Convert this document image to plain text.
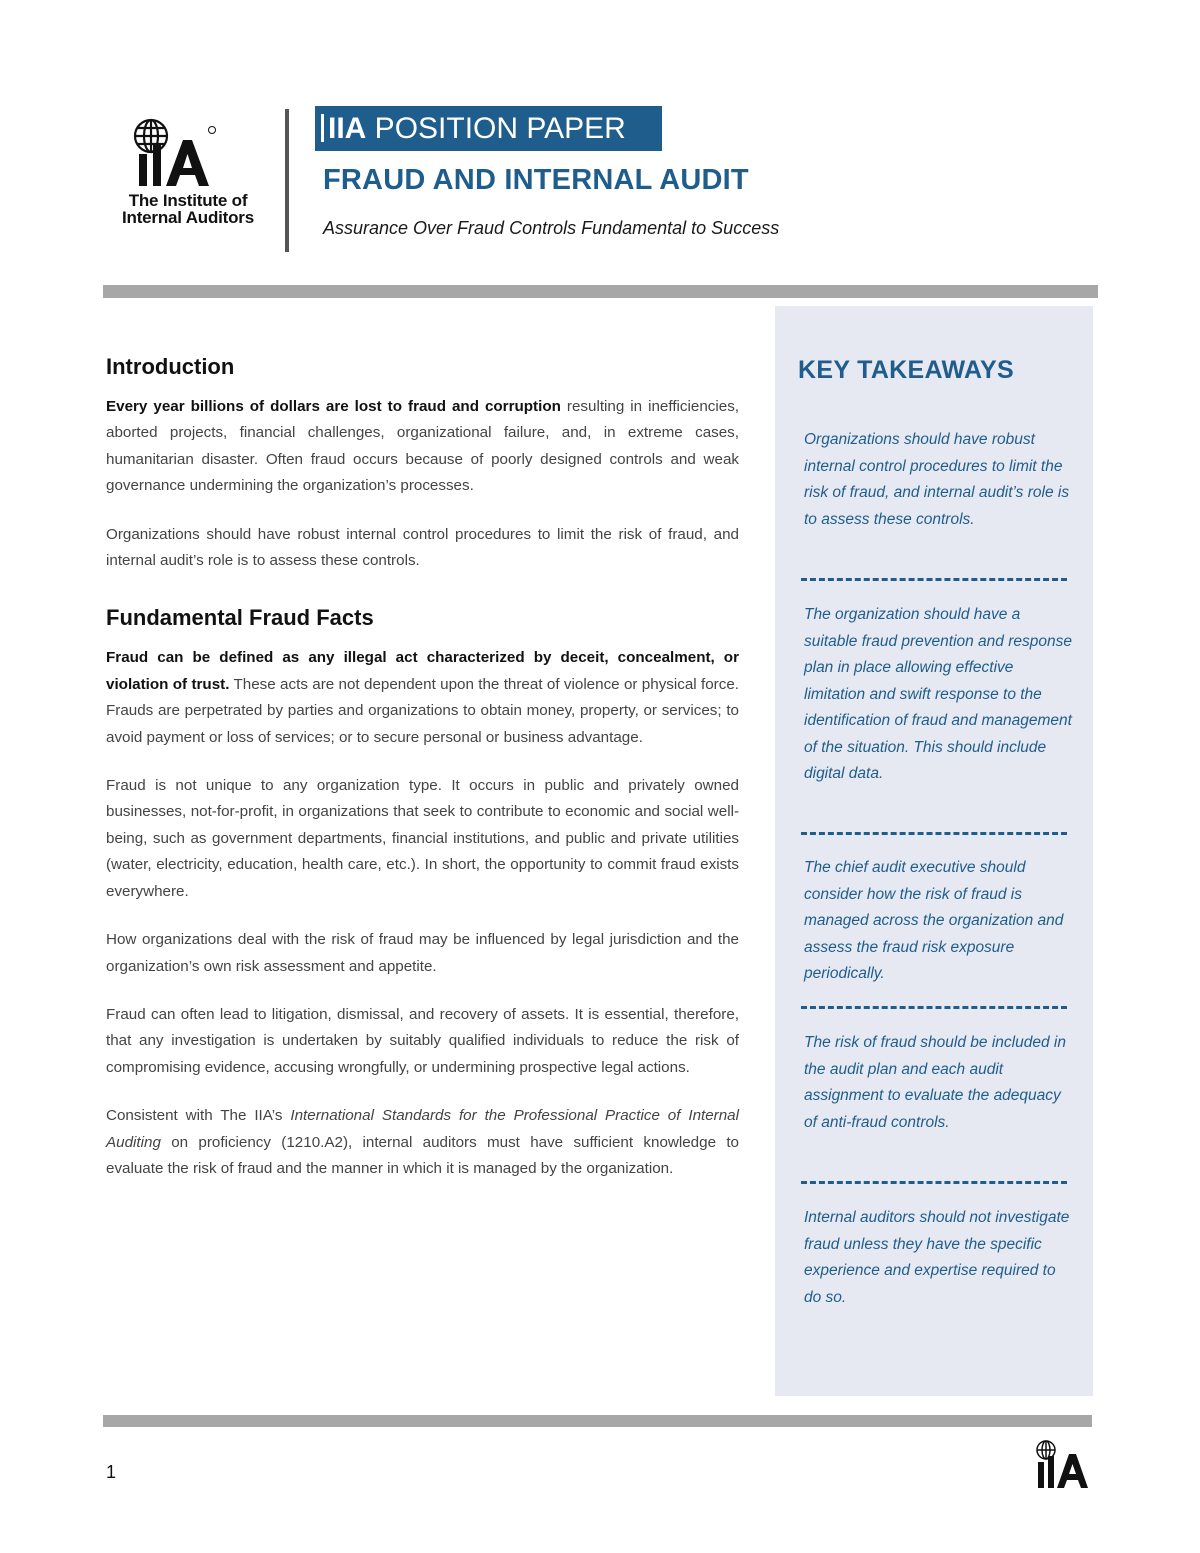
The Institute of
Internal Auditors
IIA POSITION PAPER
FRAUD AND INTERNAL AUDIT
Assurance Over Fraud Controls Fundamental to Success
Introduction

Every year billions of dollars are lost to fraud and corruption resulting in inefficiencies, aborted projects, financial challenges, organizational failure, and, in extreme cases, humanitarian disaster. Often fraud occurs because of poorly designed controls and weak governance undermining the organization’s processes.

Organizations should have robust internal control procedures to limit the risk of fraud, and internal audit’s role is to assess these controls.

Fundamental Fraud Facts

Fraud can be defined as any illegal act characterized by deceit, concealment, or violation of trust. These acts are not dependent upon the threat of violence or physical force. Frauds are perpetrated by parties and organizations to obtain money, property, or services; to avoid payment or loss of services; or to secure personal or business advantage.

Fraud is not unique to any organization type. It occurs in public and privately owned businesses, not-for-profit, in organizations that seek to contribute to economic and social well-being, such as government departments, financial institutions, and public and private utilities (water, electricity, education, health care, etc.). In short, the opportunity to commit fraud exists everywhere.

How organizations deal with the risk of fraud may be influenced by legal jurisdiction and the organization’s own risk assessment and appetite.

Fraud can often lead to litigation, dismissal, and recovery of assets. It is essential, therefore, that any investigation is undertaken by suitably qualified individuals to reduce the risk of compromising evidence, accusing wrongfully, or undermining prospective legal actions.

Consistent with The IIA’s International Standards for the Professional Practice of Internal Auditing on proficiency (1210.A2), internal auditors must have sufficient knowledge to evaluate the risk of fraud and the manner in which it is managed by the organization.

KEY TAKEAWAYS
Organizations should have robust internal control procedures to limit the risk of fraud, and internal audit’s role is to assess these controls.
The organization should have a suitable fraud prevention and response plan in place allowing effective limitation and swift response to the identification of fraud and management of the situation. This should include digital data.
The chief audit executive should consider how the risk of fraud is managed across the organization and assess the fraud risk exposure periodically.
The risk of fraud should be included in the audit plan and each audit assignment to evaluate the adequacy of anti-fraud controls.
Internal auditors should not investigate fraud unless they have the specific experience and expertise required to do so.
1
